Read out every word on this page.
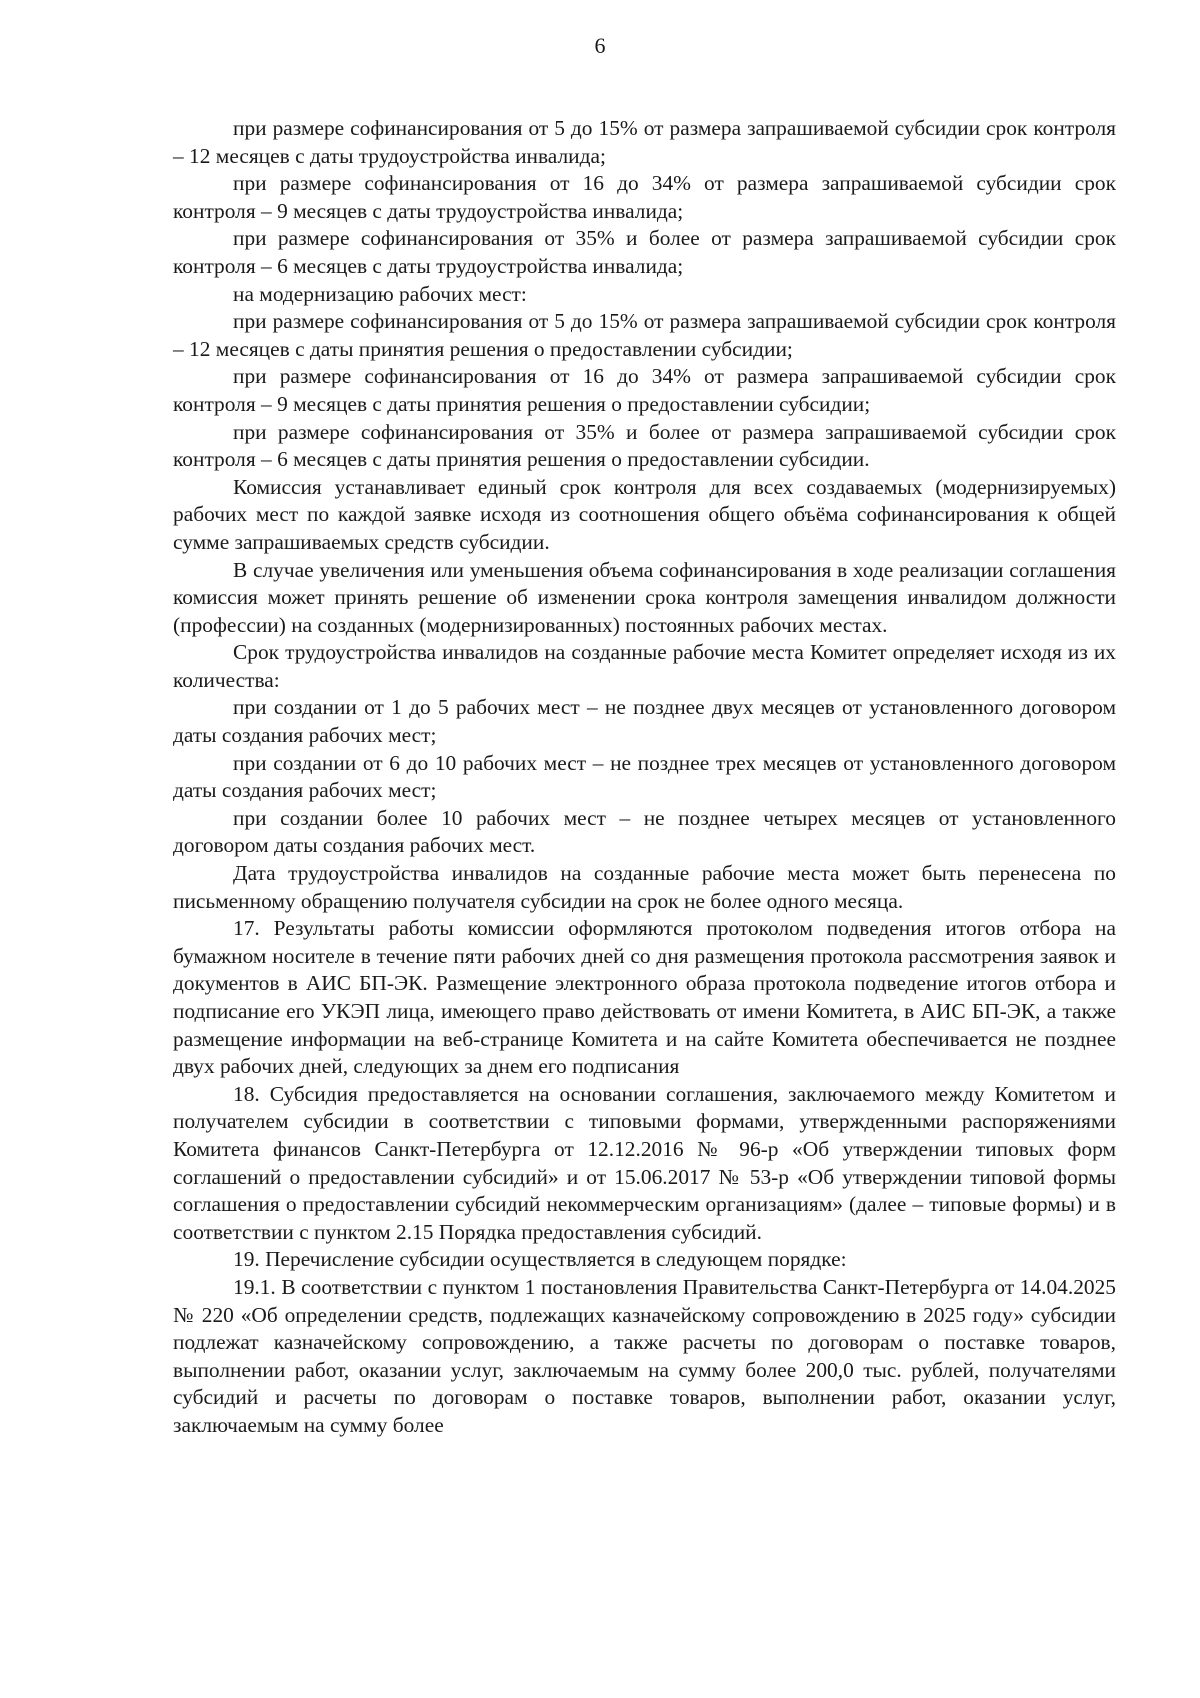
6

при размере софинансирования от 5 до 15% от размера запрашиваемой субсидии срок контроля – 12 месяцев с даты трудоустройства инвалида;

при размере софинансирования от 16 до 34% от размера запрашиваемой субсидии срок контроля – 9 месяцев с даты трудоустройства инвалида;

при размере софинансирования от 35% и более от размера запрашиваемой субсидии срок контроля – 6 месяцев с даты трудоустройства инвалида;

на модернизацию рабочих мест:

при размере софинансирования от 5 до 15% от размера запрашиваемой субсидии срок контроля – 12 месяцев с даты принятия решения о предоставлении субсидии;

при размере софинансирования от 16 до 34% от размера запрашиваемой субсидии срок контроля – 9 месяцев с даты принятия решения о предоставлении субсидии;

при размере софинансирования от 35% и более от размера запрашиваемой субсидии срок контроля – 6 месяцев с даты принятия решения о предоставлении субсидии.

Комиссия устанавливает единый срок контроля для всех создаваемых (модернизируемых) рабочих мест по каждой заявке исходя из соотношения общего объёма софинансирования к общей сумме запрашиваемых средств субсидии.

В случае увеличения или уменьшения объема софинансирования в ходе реализации соглашения комиссия может принять решение об изменении срока контроля замещения инвалидом должности (профессии) на созданных (модернизированных) постоянных рабочих местах.

Срок трудоустройства инвалидов на созданные рабочие места Комитет определяет исходя из их количества:

при создании от 1 до 5 рабочих мест – не позднее двух месяцев от установленного договором даты создания рабочих мест;

при создании от 6 до 10 рабочих мест – не позднее трех месяцев от установленного договором даты создания рабочих мест;

при создании более 10 рабочих мест – не позднее четырех месяцев от установленного договором даты создания рабочих мест.

Дата трудоустройства инвалидов на созданные рабочие места может быть перенесена по письменному обращению получателя субсидии на срок не более одного месяца.

17. Результаты работы комиссии оформляются протоколом подведения итогов отбора на бумажном носителе в течение пяти рабочих дней со дня размещения протокола рассмотрения заявок и документов в АИС БП-ЭК. Размещение электронного образа протокола подведение итогов отбора и подписание его УКЭП лица, имеющего право действовать от имени Комитета, в АИС БП-ЭК, а также размещение информации на веб-странице Комитета и на сайте Комитета обеспечивается не позднее двух рабочих дней, следующих за днем его подписания

18. Субсидия предоставляется на основании соглашения, заключаемого между Комитетом и получателем субсидии в соответствии с типовыми формами, утвержденными распоряжениями Комитета финансов Санкт-Петербурга от 12.12.2016 № 96-р «Об утверждении типовых форм соглашений о предоставлении субсидий» и от 15.06.2017 № 53-р «Об утверждении типовой формы соглашения о предоставлении субсидий некоммерческим организациям» (далее – типовые формы) и в соответствии с пунктом 2.15 Порядка предоставления субсидий.

19. Перечисление субсидии осуществляется в следующем порядке:

19.1. В соответствии с пунктом 1 постановления Правительства Санкт-Петербурга от 14.04.2025 № 220 «Об определении средств, подлежащих казначейскому сопровождению в 2025 году» субсидии подлежат казначейскому сопровождению, а также расчеты по договорам о поставке товаров, выполнении работ, оказании услуг, заключаемым на сумму более 200,0 тыс. рублей, получателями субсидий и расчеты по договорам о поставке товаров, выполнении работ, оказании услуг, заключаемым на сумму более
